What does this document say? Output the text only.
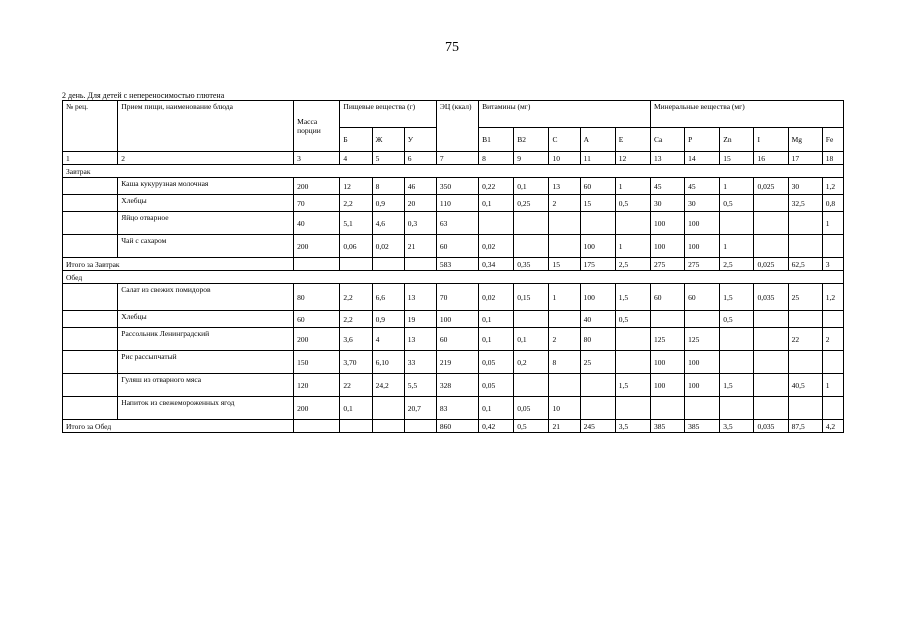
75
2 день. Для детей с непереносимостью глютена
№ рец.	Прием пищи, наименование блюда	Масса порции	Пищевые вещества (г)			ЭЦ (ккал)	Витамины (мг)					Минеральные вещества (мг)					
			Б	Ж	У		B1	B2	C	A	E	Ca	P	Zn	I	Mg	Fe
1	2	3	4	5	6	7	8	9	10	11	12	13	14	15	16	17	18
Завтрак																	
	Каша кукурузная молочная	200	12	8	46	350	0,22	0,1	13	60	1	45	45	1	0,025	30	1,2
	Хлебцы	70	2,2	0,9	20	110	0,1	0,25	2	15	0,5	30	30	0,5		32,5	0,8
	Яйцо отварное	40	5,1	4,6	0,3	63						100	100				1
	Чай с сахаром	200	0,06	0,02	21	60	0,02			100	1	100	100	1			
Итого за Завтрак						583	0,34	0,35	15	175	2,5	275	275	2,5	0,025	62,5	3
Обед																	
	Салат из свежих помидоров	80	2,2	6,6	13	70	0,02	0,15	1	100	1,5	60	60	1,5	0,035	25	1,2
	Хлебцы	60	2,2	0,9	19	100	0,1			40	0,5			0,5			
	Рассольник Ленинградский	200	3,6	4	13	60	0,1	0,1	2	80		125	125			22	2
	Рис рассыпчатый	150	3,70	6,10	33	219	0,05	0,2	8	25		100	100				
	Гуляш из отварного мяса	120	22	24,2	5,5	328	0,05				1,5	100	100	1,5		40,5	1
	Напиток из свежемороженных ягод	200	0,1		20,7	83	0,1	0,05	10								
Итого за Обед						860	0,42	0,5	21	245	3,5	385	385	3,5	0,035	87,5	4,2
